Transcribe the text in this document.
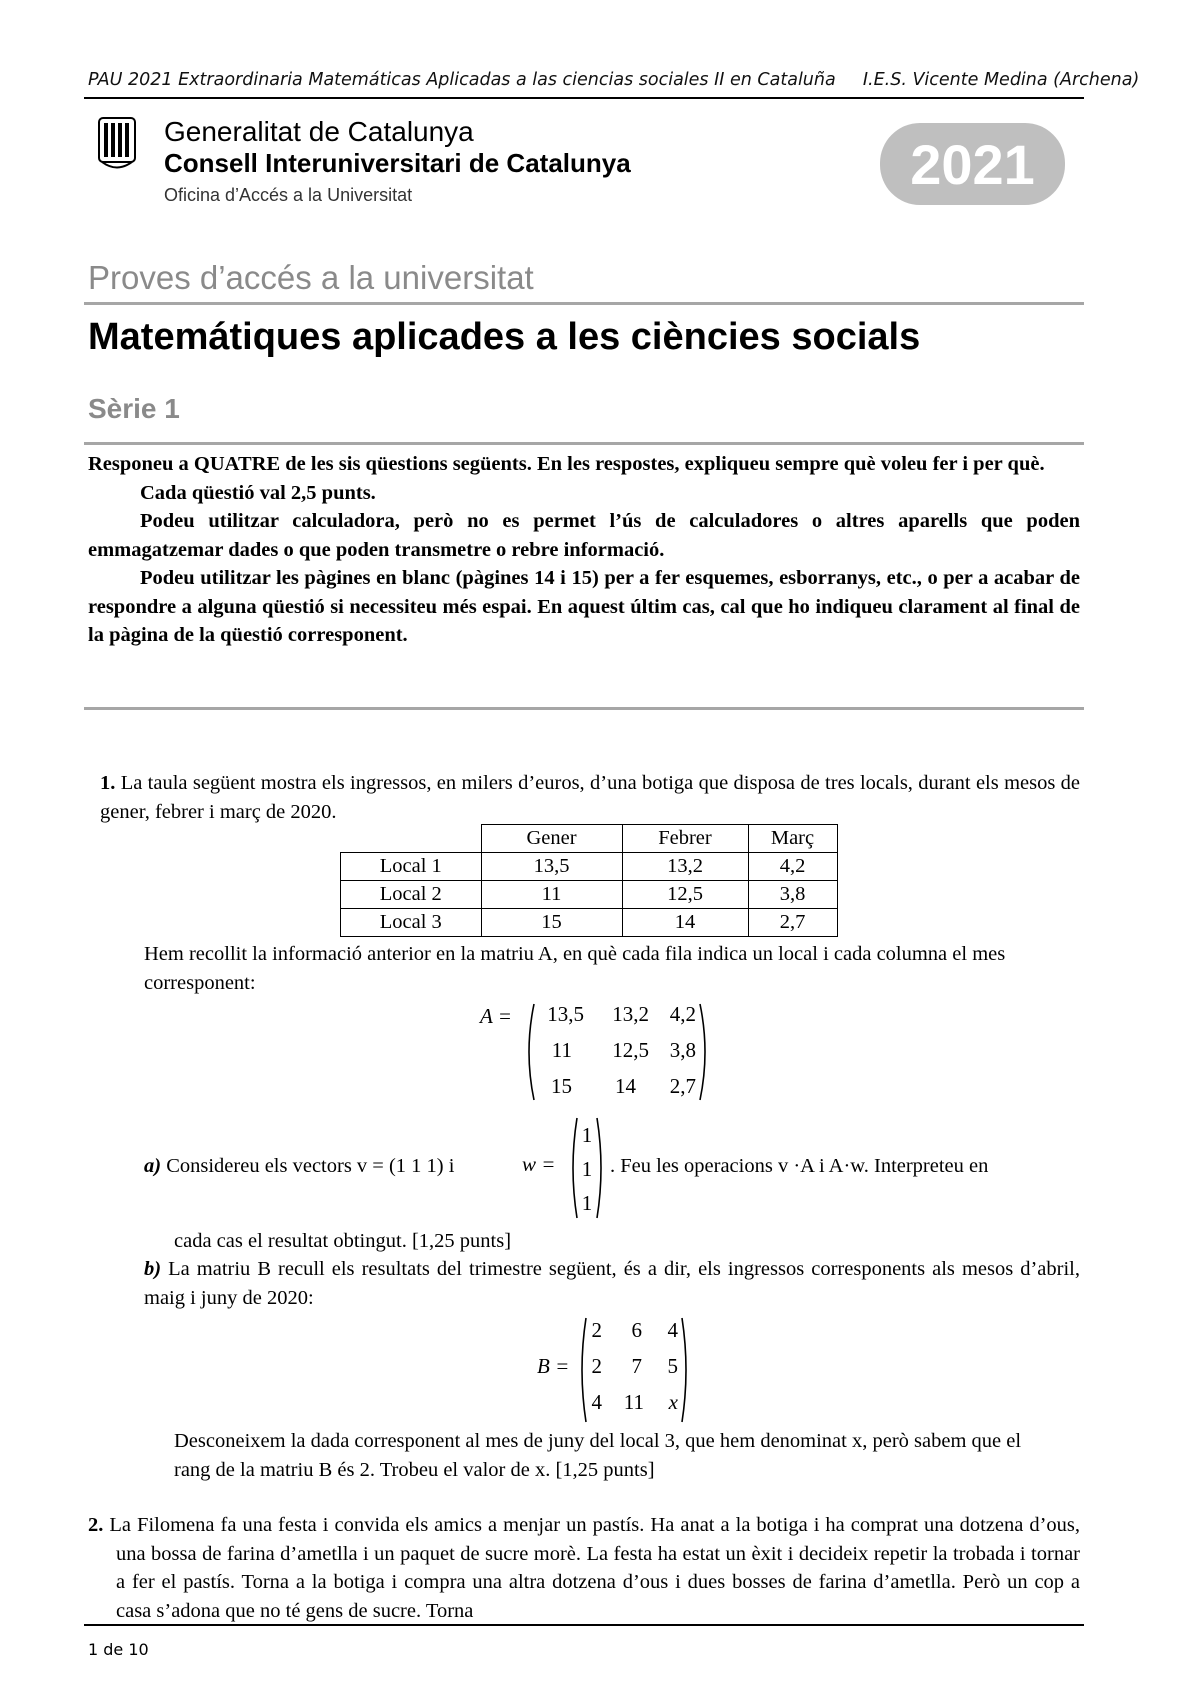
PAU 2021 Extraordinaria Matemáticas Aplicadas a las ciencias sociales II en Cataluña I.E.S. Vicente Medina (Archena)
Generalitat de Catalunya
Consell Interuniversitari de Catalunya
Oficina d’Accés a la Universitat	2021
Proves d’accés a la universitat
Matemátiques aplicades a les ciències socials
Sèrie 1

Responeu a QUATRE de les sis qüestions següents. En les respostes, expliqueu sempre què voleu fer i per què.

Cada qüestió val 2,5 punts.

Podeu utilitzar calculadora, però no es permet l’ús de calculadores o altres aparells que poden emmagatzemar dades o que poden transmetre o rebre informació.

Podeu utilitzar les pàgines en blanc (pàgines 14 i 15) per a fer esquemes, esborranys, etc., o per a acabar de respondre a alguna qüestió si necessiteu més espai. En aquest últim cas, cal que ho indiqueu clarament al final de la pàgina de la qüestió corresponent.

1. La taula següent mostra els ingressos, en milers d’euros, d’una botiga que disposa de tres locals, durant els mesos de gener, febrer i març de 2020.
	Gener	Febrer	Març
Local 1	13,5	13,2	4,2
Local 2	11	12,5	3,8
Local 3	15	14	2,7
Hem recollit la informació anterior en la matriu A, en què cada fila indica un local i cada columna el mes corresponent:
A =	13,5	13,2 4,2
11	12,5 3,8
15	14	2,7
a) Considereu els vectors v = (1 1 1) i	w =
1
1
1
. Feu les operacions v ·A i A·w. Interpreteu en
cada cas el resultat obtingut. [1,25 punts]
b) La matriu B recull els resultats del trimestre següent, és a dir, els ingressos corresponents als mesos d’abril, maig i juny de 2020:
B =
2	6	4
2	7	5
4 11	x
Desconeixem la dada corresponent al mes de juny del local 3, que hem denominat x, però sabem que el rang de la matriu B és 2. Trobeu el valor de x. [1,25 punts]
2. La Filomena fa una festa i convida els amics a menjar un pastís. Ha anat a la botiga i ha comprat una dotzena d’ous, una bossa de farina d’ametlla i un paquet de sucre morè. La festa ha estat un èxit i decideix repetir la trobada i tornar a fer el pastís. Torna a la botiga i compra una altra dotzena d’ous i dues bosses de farina d’ametlla. Però un cop a casa s’adona que no té gens de sucre. Torna
1 de 10
